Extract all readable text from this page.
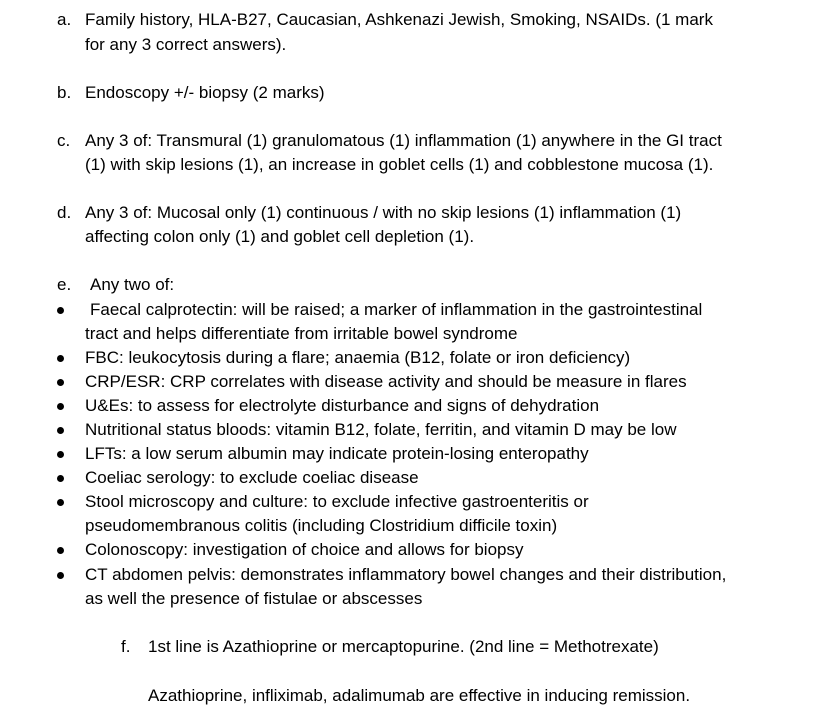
a. Family history, HLA-B27, Caucasian, Ashkenazi Jewish, Smoking, NSAIDs. (1 mark
for any 3 correct answers).
b. Endoscopy +/- biopsy (2 marks)
c. Any 3 of: Transmural (1) granulomatous (1) inflammation (1) anywhere in the GI tract
(1) with skip lesions (1), an increase in goblet cells (1) and cobblestone mucosa (1).
d. Any 3 of: Mucosal only (1) continuous / with no skip lesions (1) inflammation (1)
affecting colon only (1) and goblet cell depletion (1).
e. Any two of:
Faecal calprotectin: will be raised; a marker of inflammation in the gastrointestinal
tract and helps differentiate from irritable bowel syndrome
FBC: leukocytosis during a flare; anaemia (B12, folate or iron deficiency)
CRP/ESR: CRP correlates with disease activity and should be measure in flares
U&Es: to assess for electrolyte disturbance and signs of dehydration
Nutritional status bloods: vitamin B12, folate, ferritin, and vitamin D may be low
LFTs: a low serum albumin may indicate protein-losing enteropathy
Coeliac serology: to exclude coeliac disease
Stool microscopy and culture: to exclude infective gastroenteritis or
pseudomembranous colitis (including Clostridium difficile toxin)
Colonoscopy: investigation of choice and allows for biopsy
CT abdomen pelvis: demonstrates inflammatory bowel changes and their distribution,
as well the presence of fistulae or abscesses
f. 1st line is Azathioprine or mercaptopurine. (2nd line = Methotrexate)
Azathioprine, infliximab, adalimumab are effective in inducing remission.
